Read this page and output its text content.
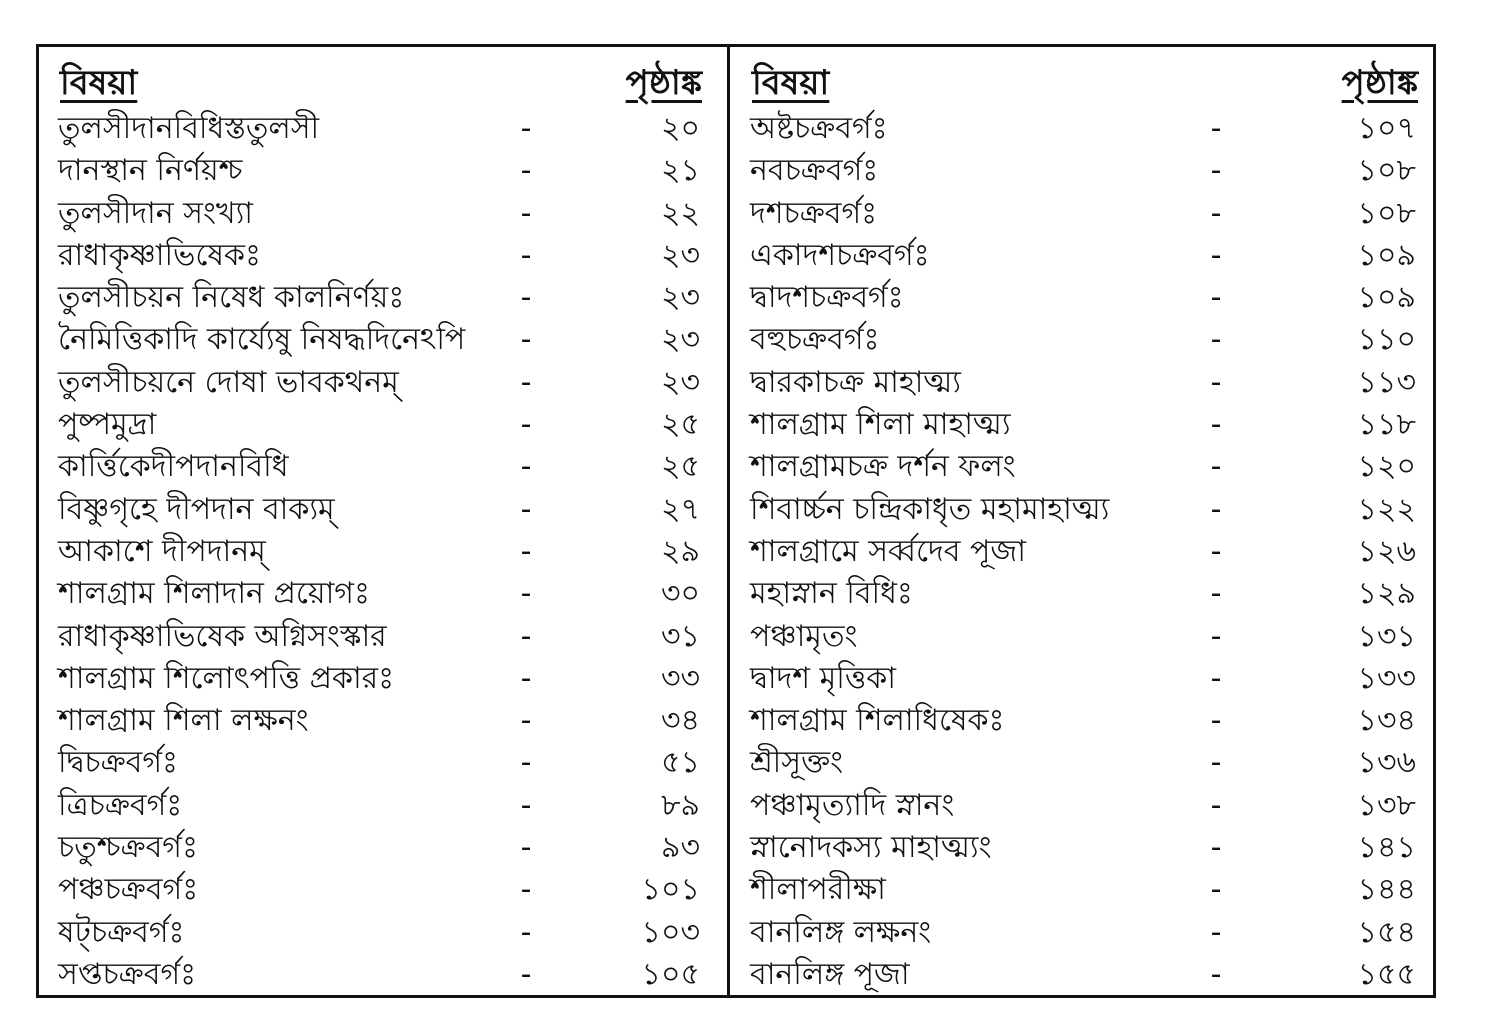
বিষয়া	পৃষ্ঠাঙ্ক
তুলসীদানবিধিস্ততুলসী	-	২০
দানস্থান নির্ণয়শ্চ	-	২১
তুলসীদান সংখ্যা	-	২২
রাধাকৃষ্ণাভিষেকঃ	-	২৩
তুলসীচয়ন নিষেধ কালনির্ণয়ঃ	-	২৩
নৈমিত্তিকাদি কার্য্যেষু নিষদ্ধদিনেঽপি -	২৩
তুলসীচয়নে দোষা ভাবকথনম্	-	২৩
পুষ্পমুদ্রা	-	২৫
কার্ত্তিকেদীপদানবিধি	-	২৫
বিষ্ণুগৃহে দীপদান বাক্যম্	-	২৭
আকাশে দীপদানম্	-	২৯
শালগ্রাম শিলাদান প্রয়োগঃ	-	৩০
রাধাকৃষ্ণাভিষেক অগ্নিসংস্কার	-	৩১
শালগ্রাম শিলোৎপত্তি প্রকারঃ	-	৩৩
শালগ্রাম শিলা লক্ষনং	-	৩৪
দ্বিচক্রবর্গঃ	-	৫১
ত্রিচক্রবর্গঃ	-	৮৯
চতুশ্চক্রবর্গঃ	-	৯৩
পঞ্চচক্রবর্গঃ	-	১০১
ষট্চক্রবর্গঃ	-	১০৩
সপ্তচক্রবর্গঃ	-	১০৫
বিষয়া	পৃষ্ঠাঙ্ক
অষ্টচক্রবর্গঃ	-	১০৭
নবচক্রবর্গঃ	-	১০৮
দশচক্রবর্গঃ	-	১০৮
একাদশচক্রবর্গঃ	-	১০৯
দ্বাদশচক্রবর্গঃ	-	১০৯
বহুচক্রবর্গঃ	-	১১০
দ্বারকাচক্র মাহাত্ম্য	-	১১৩
শালগ্রাম শিলা মাহাত্ম্য	-	১১৮
শালগ্রামচক্র দর্শন ফলং	-	১২০
শিবার্চ্চন চন্দ্রিকাধৃত মহামাহাত্ম্য	-	১২২
শালগ্রামে সর্ব্বদেব পূজা	-	১২৬
মহাস্নান বিধিঃ	-	১২৯
পঞ্চামৃতং	-	১৩১
দ্বাদশ মৃত্তিকা	-	১৩৩
শালগ্রাম শিলাধিষেকঃ	-	১৩৪
শ্রীসূক্তং	-	১৩৬
পঞ্চামৃত্যাদি স্নানং	-	১৩৮
স্নানোদকস্য মাহাত্ম্যং	-	১৪১
শীলাপরীক্ষা	-	১৪৪
বানলিঙ্গ লক্ষনং	-	১৫৪
বানলিঙ্গ পূজা	-	১৫৫
